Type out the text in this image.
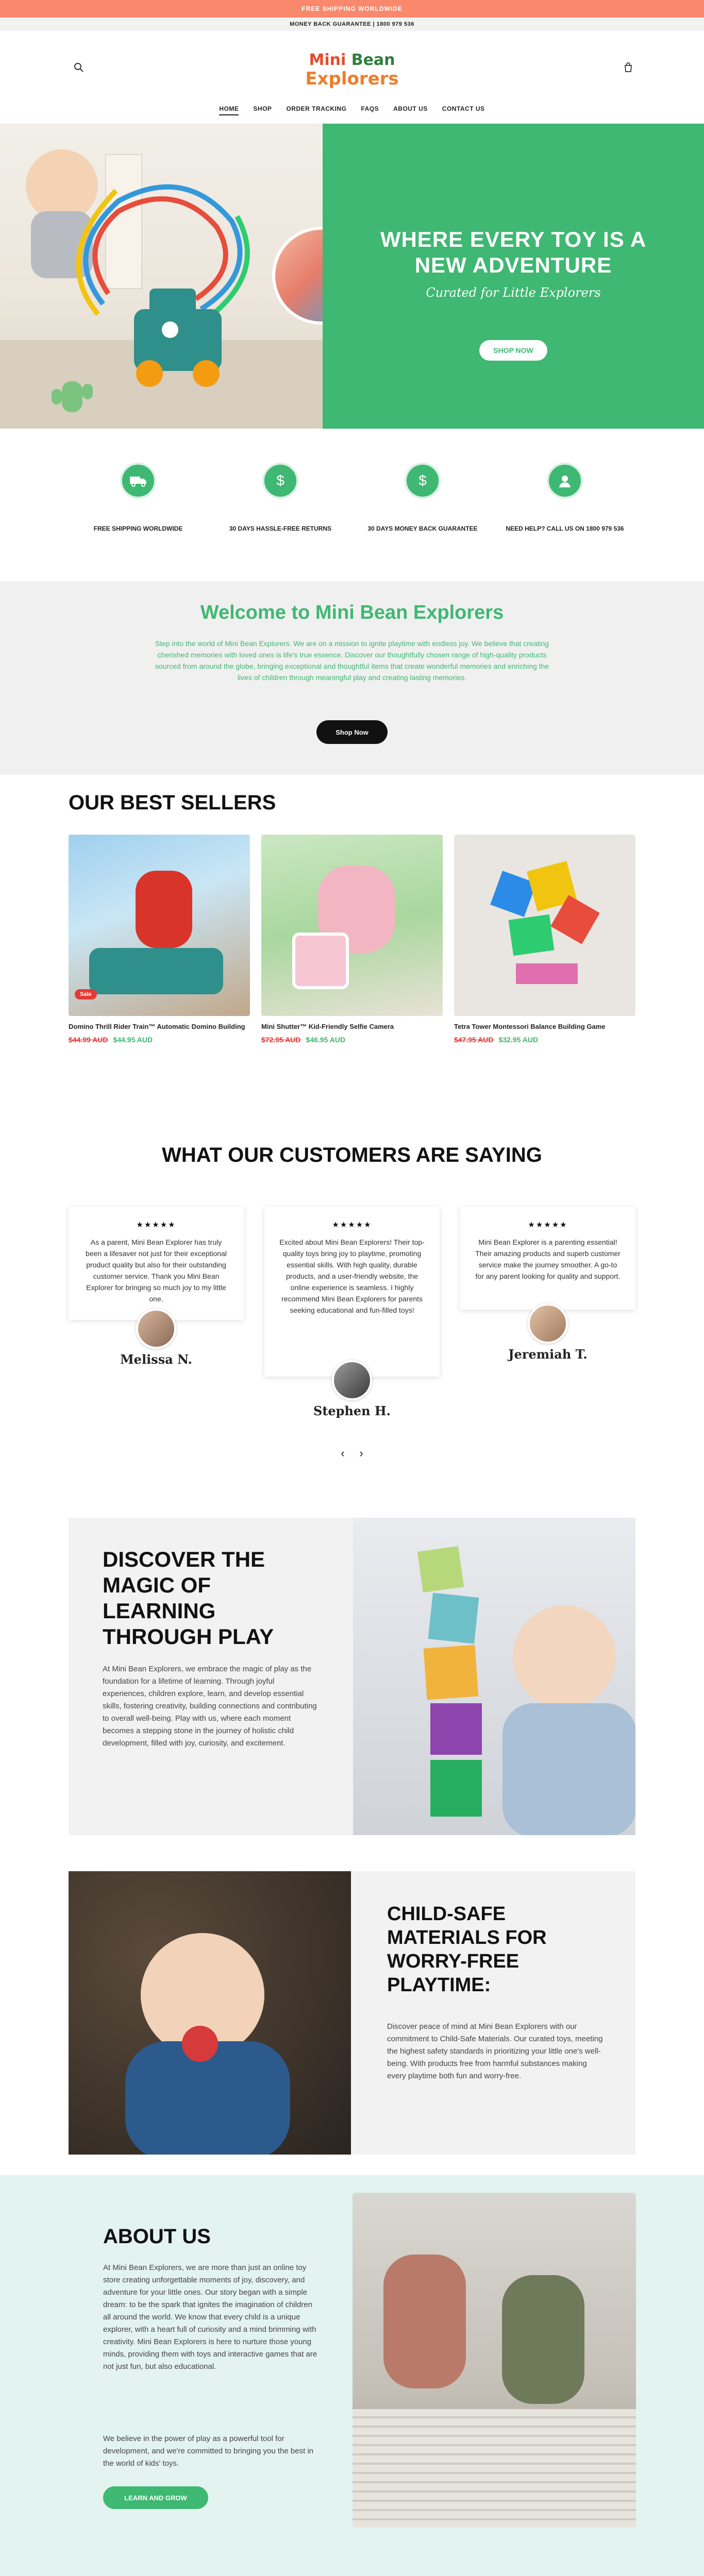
FREE SHIPPING WORLDWIDE
MONEY BACK GUARANTEE | 1800 979 536
Mini Bean
Explorers
HOME SHOP ORDER TRACKING FAQS ABOUT US CONTACT US
WHERE EVERY TOY IS A
NEW ADVENTURE
Curated for Little Explorers
SHOP NOW
FREE SHIPPING WORLDWIDE
$
30 DAYS HASSLE-FREE RETURNS
$
30 DAYS MONEY BACK GUARANTEE	NEED HELP? CALL US ON 1800 979 536
Welcome to Mini Bean Explorers

Step into the world of Mini Bean Explorers. We are on a mission to ignite playtime with endless joy. We believe that creating cherished memories with loved ones is life's true essence. Discover our thoughtfully chosen range of high-quality products sourced from around the globe, bringing exceptional and thoughtful items that create wonderful memories and enriching the lives of children through meaningful play and creating lasting memories.

Shop Now
OUR BEST SELLERS
Sale
Domino Thrill Rider Train™ Automatic Domino Building
$44.99 AUD $44.95 AUD
Mini Shutter™ Kid-Friendly Selfie Camera
$72.95 AUD $46.95 AUD
Tetra Tower Montessori Balance Building Game
$47.95 AUD $32.95 AUD
WHAT OUR CUSTOMERS ARE SAYING
★★★★★

As a parent, Mini Bean Explorer has truly been a lifesaver not just for their exceptional product quality but also for their outstanding customer service. Thank you Mini Bean Explorer for bringing so much joy to my little one.

Melissa N.
★★★★★

Excited about Mini Bean Explorers! Their top-quality toys bring joy to playtime, promoting essential skills. With high quality, durable products, and a user-friendly website, the online experience is seamless. I highly recommend Mini Bean Explorers for parents seeking educational and fun-filled toys!

Stephen H.
★★★★★

Mini Bean Explorer is a parenting essential! Their amazing products and superb customer service make the journey smoother. A go-to for any parent looking for quality and support.

Jeremiah T.
‹	›
DISCOVER THE MAGIC OF LEARNING THROUGH PLAY
At Mini Bean Explorers, we embrace the magic of play as the foundation for a lifetime of learning. Through joyful experiences, children explore, learn, and develop essential skills, fostering creativity, building connections and contributing to overall well-being. Play with us, where each moment becomes a stepping stone in the journey of holistic child development, filled with joy, curiosity, and excitement.
CHILD-SAFE MATERIALS FOR WORRY-FREE PLAYTIME:
Discover peace of mind at Mini Bean Explorers with our commitment to Child-Safe Materials. Our curated toys, meeting the highest safety standards in prioritizing your little one's well-being. With products free from harmful substances making every playtime both fun and worry-free.
ABOUT US
At Mini Bean Explorers, we are more than just an online toy store creating unforgettable moments of joy, discovery, and adventure for your little ones. Our story began with a simple dream: to be the spark that ignites the imagination of children all around the world. We know that every child is a unique explorer, with a heart full of curiosity and a mind brimming with creativity. Mini Bean Explorers is here to nurture those young minds, providing them with toys and interactive games that are not just fun, but also educational.
We believe in the power of play as a powerful tool for development, and we're committed to bringing you the best in the world of kids' toys.
LEARN AND GROW
